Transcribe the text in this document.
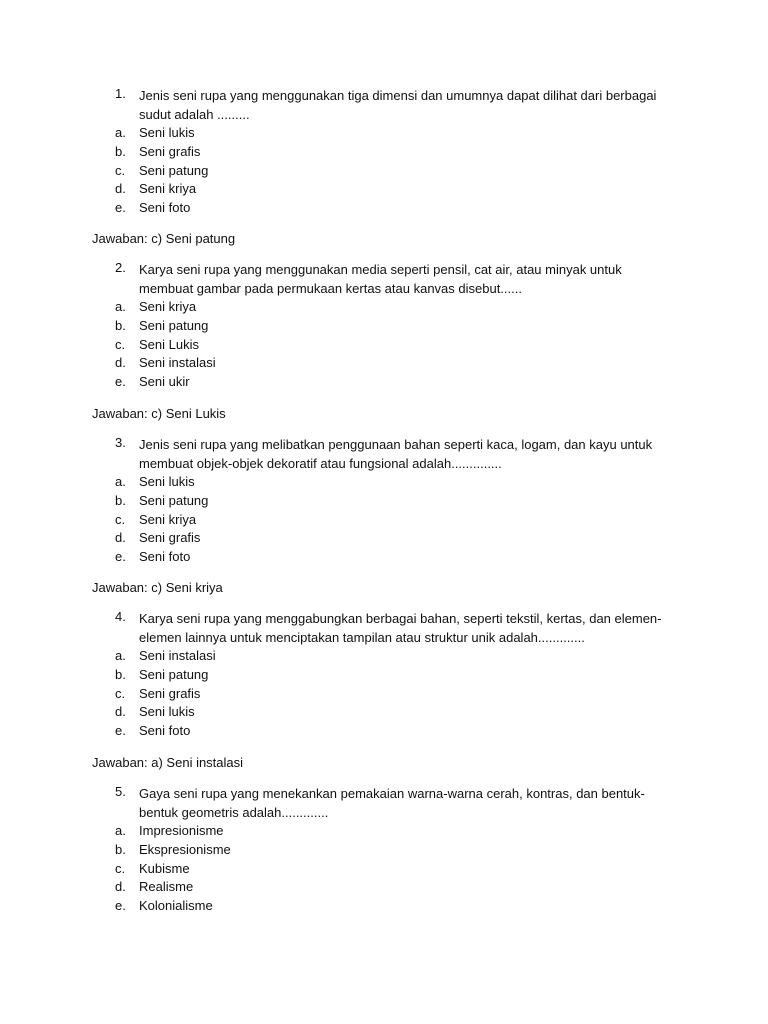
1. Jenis seni rupa yang menggunakan tiga dimensi dan umumnya dapat dilihat dari berbagai sudut adalah .........
a. Seni lukis
b. Seni grafis
c. Seni patung
d. Seni kriya
e. Seni foto
Jawaban: c) Seni patung
2. Karya seni rupa yang menggunakan media seperti pensil, cat air, atau minyak untuk membuat gambar pada permukaan kertas atau kanvas disebut......
a. Seni kriya
b. Seni patung
c. Seni Lukis
d. Seni instalasi
e. Seni ukir
Jawaban: c) Seni Lukis
3. Jenis seni rupa yang melibatkan penggunaan bahan seperti kaca, logam, dan kayu untuk membuat objek-objek dekoratif atau fungsional adalah..............
a. Seni lukis
b. Seni patung
c. Seni kriya
d. Seni grafis
e. Seni foto
Jawaban: c) Seni kriya
4. Karya seni rupa yang menggabungkan berbagai bahan, seperti tekstil, kertas, dan elemen-elemen lainnya untuk menciptakan tampilan atau struktur unik adalah.............
a. Seni instalasi
b. Seni patung
c. Seni grafis
d. Seni lukis
e. Seni foto
Jawaban: a) Seni instalasi
5. Gaya seni rupa yang menekankan pemakaian warna-warna cerah, kontras, dan bentuk-bentuk geometris adalah.............
a. Impresionisme
b. Ekspresionisme
c. Kubisme
d. Realisme
e. Kolonialisme
